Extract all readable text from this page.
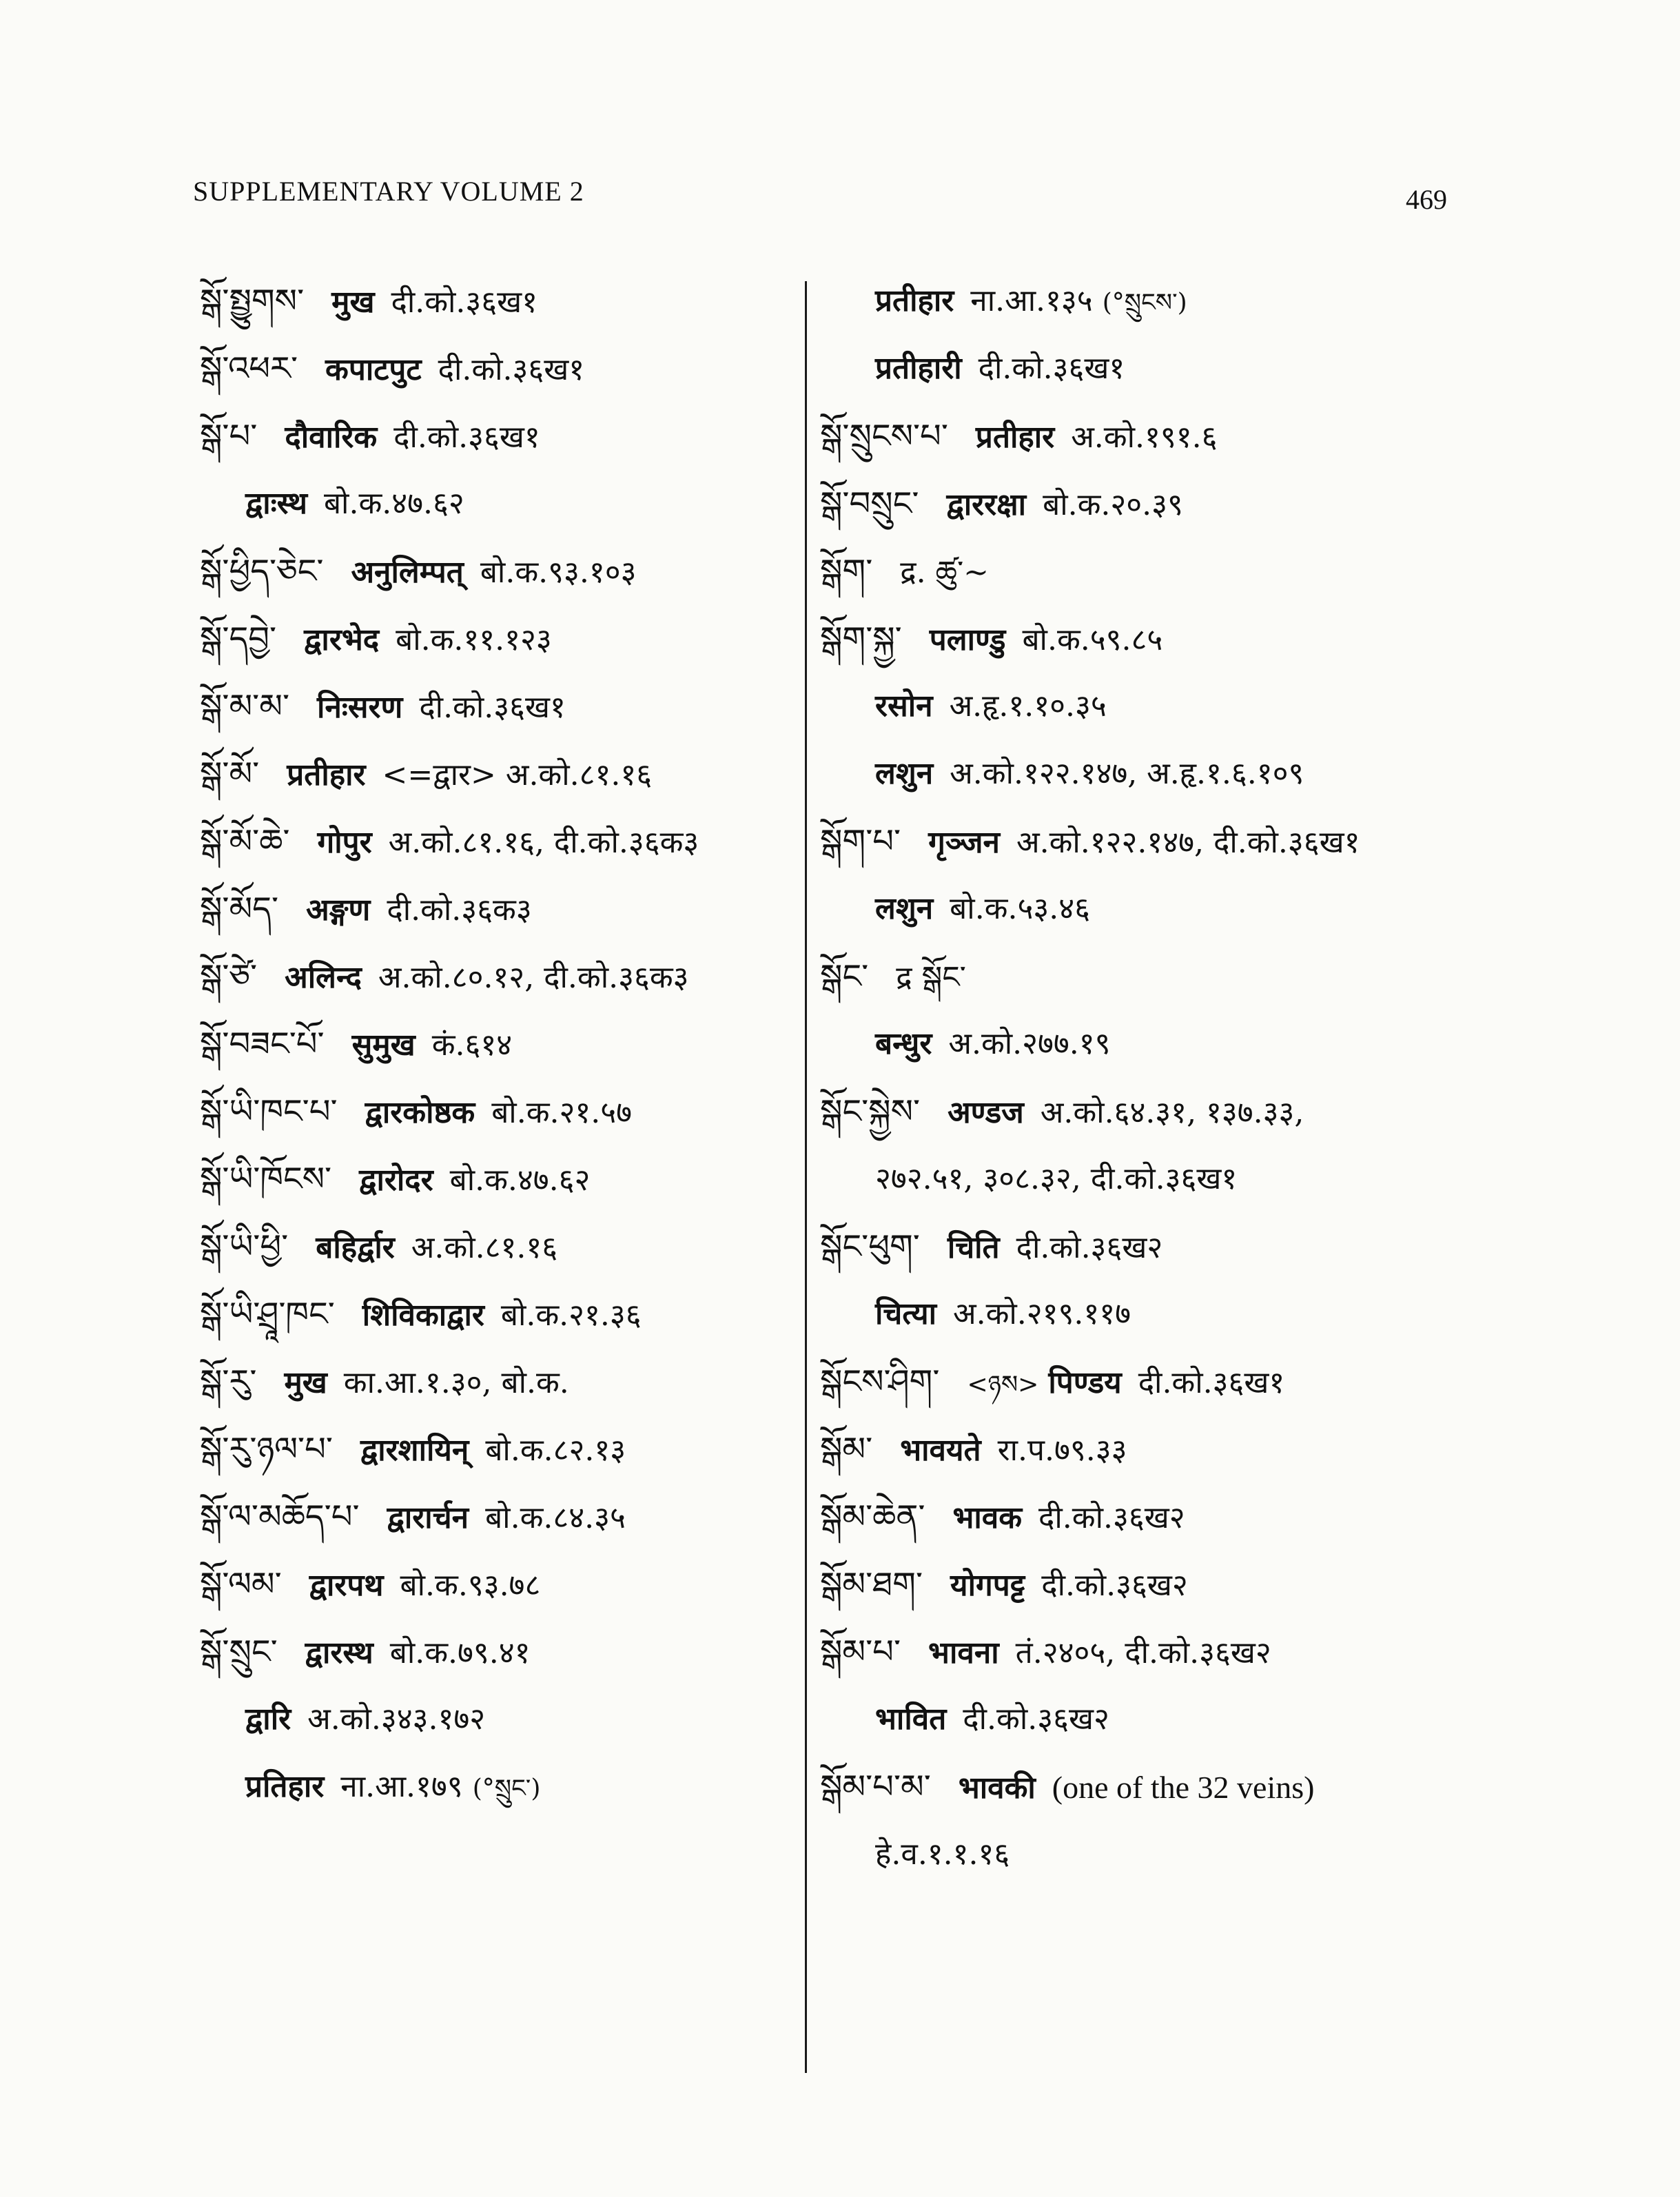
SUPPLEMENTARY VOLUME 2	469
སྒོ་སྤྱུགས་ मुख दी.को.३६ख१
སྒོ་འཕར་ कपाटपुट दी.को.३६ख१
སྒོ་པ་ दौवारिक दी.को.३६ख१
द्वाःस्थ बो.क.४७.६२
སྒོ་ཕྱིད་ཅེང་ अनुलिम्पत् बो.क.९३.१०३
སྒོ་དབྱེ་ द्वारभेद बो.क.११.१२३
སྒོ་མ་མ་ निःसरण दी.को.३६ख१
སྒོ་མོ་ प्रतीहार <=द्वार> अ.को.८१.१६
སྒོ་མོ་ཆེ་ गोपुर अ.को.८१.१६, दी.को.३६क३
སྒོ་མོད་ अङ्गण दी.को.३६क३
སྒོ་ཙེ་ अलिन्द अ.को.८०.१२, दी.को.३६क३
སྒོ་བཟང་པོ་ सुमुख कं.६१४
སྒོ་ཡི་ཁང་པ་ द्वारकोष्ठक बो.क.२१.५७
སྒོ་ཡི་ཁོངས་ द्वारोदर बो.क.४७.६२
སྒོ་ཡི་ཕྱི་ बहिर्द्वार अ.को.८१.१६
སྒོ་ཡི་ཤྲཱ་ཁང་ शिविकाद्वार बो.क.२१.३६
སྒོ་རུ་ मुख का.आ.१.३०, बो.क.
སྒོ་རུ་ཉལ་པ་ द्वारशायिन् बो.क.८२.१३
སྒོ་ལ་མཆོད་པ་ द्वारार्चन बो.क.८४.३५
སྒོ་ལམ་ द्वारपथ बो.क.९३.७८
སྒོ་སྲུང་ द्वारस्थ बो.क.७९.४१
द्वारि अ.को.३४३.१७२
प्रतिहार ना.आ.१७९ (°སྲུང་)
प्रतीहार ना.आ.१३५ (°སྲུངས་)
प्रतीहारी दी.को.३६ख१
སྒོ་སྲུངས་པ་ प्रतीहार अ.को.१९१.६
སྒོ་བསྲུང་ द्वाररक्षा बो.क.२०.३९
སྒོག་ द्र. ཚུ་~
སྒོག་སྐྱ་ पलाण्डु बो.क.५९.८५
रसोन अ.हृ.१.१०.३५
लशुन अ.को.१२२.१४७, अ.हृ.१.६.१०९
སྒོག་པ་ गृञ्जन अ.को.१२२.१४७, दी.को.३६ख१
लशुन बो.क.५३.४६
སྒོང་ द्र སྒོང་
बन्धुर अ.को.२७७.१९
སྒོང་སྐྱེས་ अण्डज अ.को.६४.३१, १३७.३३,
२७२.५१, ३०८.३२, दी.को.३६ख१
སྒོང་ཕུག་ चिति दी.को.३६ख२
चित्या अ.को.२१९.११७
སྒོངས་ཤིག་ <ཉས> पिण्डय दी.को.३६ख१
སྒོམ་ भावयते रा.प.७९.३३
སྒོམ་ཆེན་ भावक दी.को.३६ख२
སྒོམ་ཐག་ योगपट्ट दी.को.३६ख२
སྒོམ་པ་ भावना तं.२४०५, दी.को.३६ख२
भावित दी.को.३६ख२
སྒོམ་པ་མ་ भावकी (one of the 32 veins)
हे.व.१.१.१६
